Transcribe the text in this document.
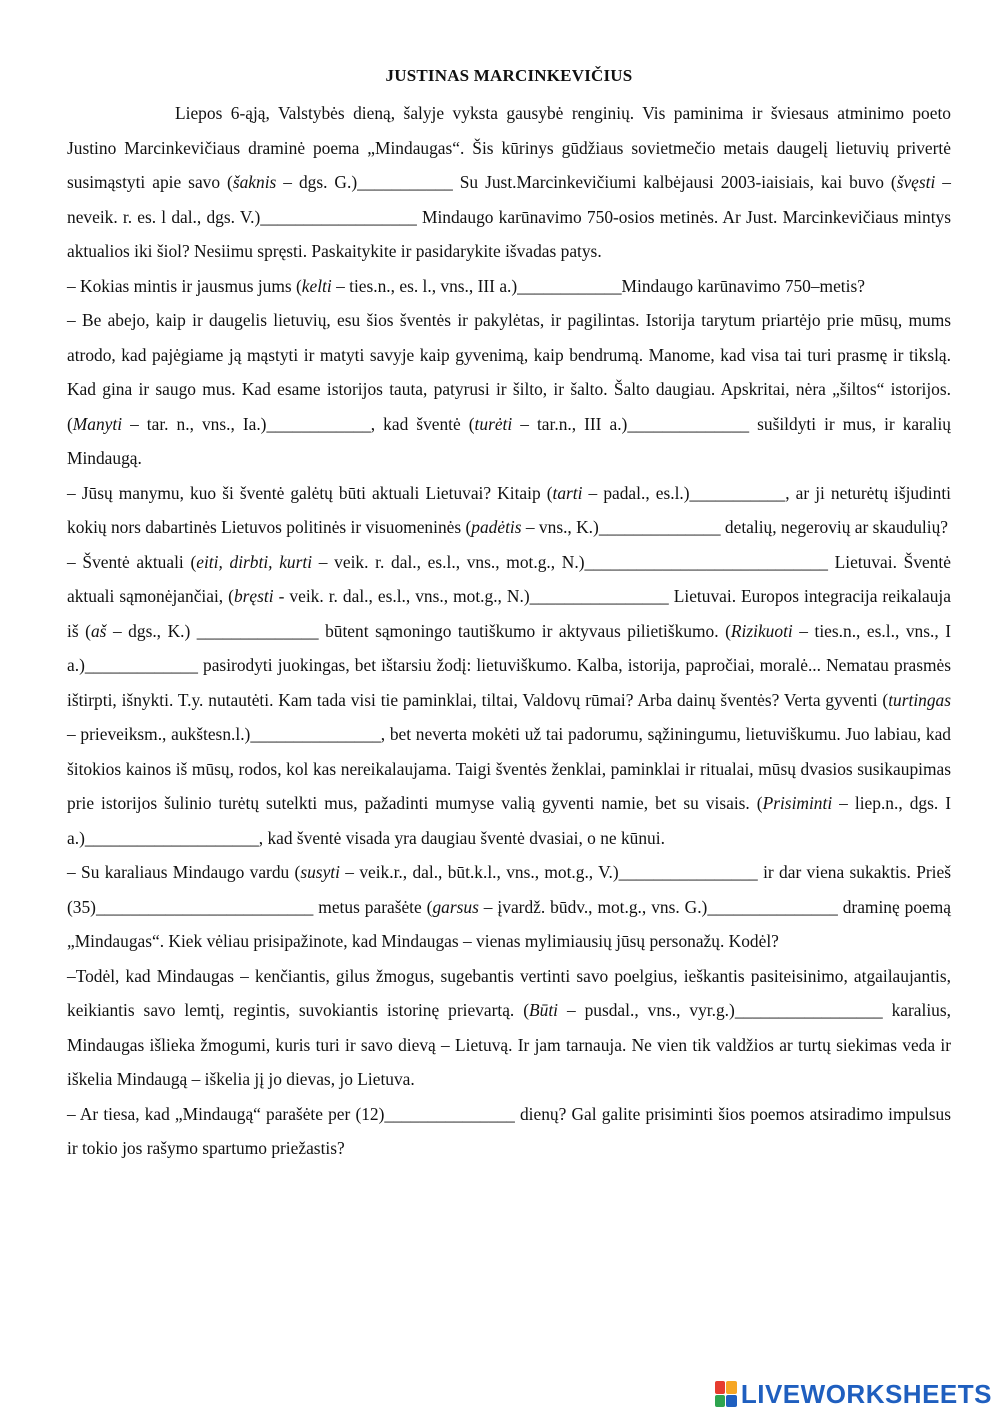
JUSTINAS MARCINKEVIČIUS

Liepos 6-ąją, Valstybės dieną, šalyje vyksta gausybė renginių. Vis paminima ir šviesaus atminimo poeto Justino Marcinkevičiaus draminė poema „Mindaugas“. Šis kūrinys gūdžiaus sovietmečio metais daugelį lietuvių privertė susimąstyti apie savo (šaknis – dgs. G.)___________ Su Just.Marcinkevičiumi kalbėjausi 2003-iaisiais, kai buvo (švęsti – neveik. r. es. l dal., dgs. V.)__________________ Mindaugo karūnavimo 750-osios metinės. Ar Just. Marcinkevičiaus mintys aktualios iki šiol? Nesiimu spręsti. Paskaitykite ir pasidarykite išvadas patys.

– Kokias mintis ir jausmus jums (kelti – ties.n., es. l., vns., III a.)____________Mindaugo karūnavimo 750–metis?

– Be abejo, kaip ir daugelis lietuvių, esu šios šventės ir pakylėtas, ir pagilintas. Istorija tarytum priartėjo prie mūsų, mums atrodo, kad pajėgiame ją mąstyti ir matyti savyje kaip gyvenimą, kaip bendrumą. Manome, kad visa tai turi prasmę ir tikslą. Kad gina ir saugo mus. Kad esame istorijos tauta, patyrusi ir šilto, ir šalto. Šalto daugiau. Apskritai, nėra „šiltos“ istorijos. (Manyti – tar. n., vns., Ia.)____________, kad šventė (turėti – tar.n., III a.)______________ sušildyti ir mus, ir karalių Mindaugą.

– Jūsų manymu, kuo ši šventė galėtų būti aktuali Lietuvai? Kitaip (tarti – padal., es.l.)___________, ar ji neturėtų išjudinti kokių nors dabartinės Lietuvos politinės ir visuomeninės (padėtis – vns., K.)______________ detalių, negerovių ar skaudulių?

– Šventė aktuali (eiti, dirbti, kurti – veik. r. dal., es.l., vns., mot.g., N.)____________________________ Lietuvai. Šventė aktuali sąmonėjančiai, (bręsti - veik. r. dal., es.l., vns., mot.g., N.)________________ Lietuvai. Europos integracija reikalauja iš (aš – dgs., K.) ______________ būtent sąmoningo tautiškumo ir aktyvaus pilietiškumo. (Rizikuoti – ties.n., es.l., vns., I a.)_____________ pasirodyti juokingas, bet ištarsiu žodį: lietuviškumo. Kalba, istorija, papročiai, moralė... Nematau prasmės ištirpti, išnykti. T.y. nutautėti. Kam tada visi tie paminklai, tiltai, Valdovų rūmai? Arba dainų šventės? Verta gyventi (turtingas – prieveiksm., aukštesn.l.)_______________, bet neverta mokėti už tai padorumu, sąžiningumu, lietuviškumu. Juo labiau, kad šitokios kainos iš mūsų, rodos, kol kas nereikalaujama. Taigi šventės ženklai, paminklai ir ritualai, mūsų dvasios susikaupimas prie istorijos šulinio turėtų sutelkti mus, pažadinti mumyse valią gyventi namie, bet su visais. (Prisiminti – liep.n., dgs. I a.)____________________, kad šventė visada yra daugiau šventė dvasiai, o ne kūnui.

– Su karaliaus Mindaugo vardu (susyti – veik.r., dal., būt.k.l., vns., mot.g., V.)________________ ir dar viena sukaktis. Prieš (35)_________________________ metus parašėte (garsus – įvardž. būdv., mot.g., vns. G.)_______________ draminę poemą „Mindaugas“. Kiek vėliau prisipažinote, kad Mindaugas – vienas mylimiausių jūsų personažų. Kodėl?

–Todėl, kad Mindaugas – kenčiantis, gilus žmogus, sugebantis vertinti savo poelgius, ieškantis pasiteisinimo, atgailaujantis, keikiantis savo lemtį, regintis, suvokiantis istorinę prievartą. (Būti – pusdal., vns., vyr.g.)_________________ karalius, Mindaugas išlieka žmogumi, kuris turi ir savo dievą – Lietuvą. Ir jam tarnauja. Ne vien tik valdžios ar turtų siekimas veda ir iškelia Mindaugą – iškelia jį jo dievas, jo Lietuva.

– Ar tiesa, kad „Mindaugą“ parašėte per (12)_______________ dienų? Gal galite prisiminti šios poemos atsiradimo impulsus ir tokio jos rašymo spartumo priežastis?

LIVEWORKSHEETS
